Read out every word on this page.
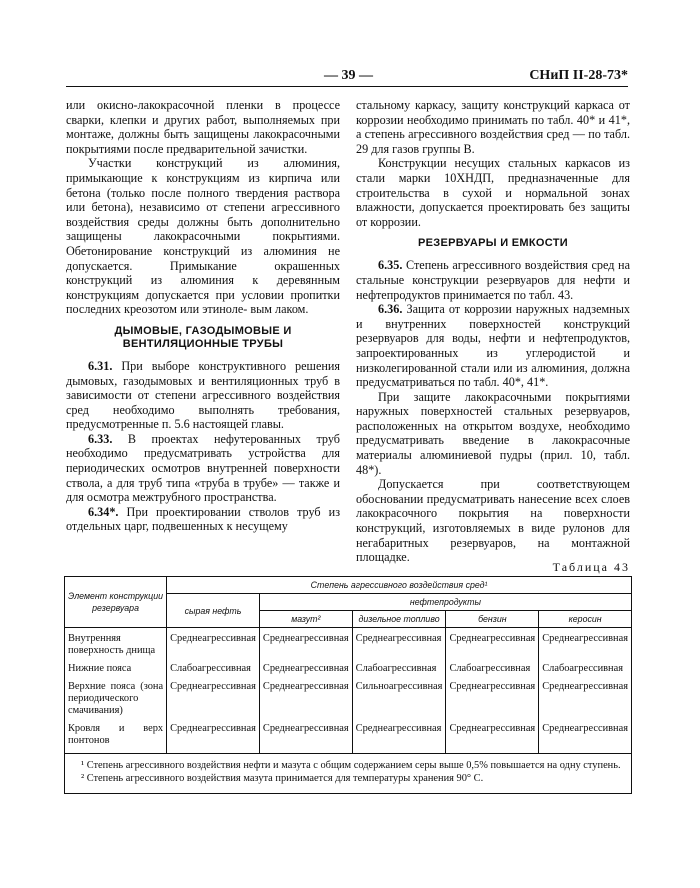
— 39 —	СНиП II-28-73*

или окисно-лакокрасочной пленки в процессе сварки, клепки и других работ, выполняемых при монтаже, должны быть защищены лакокрасочными покрытиями после предварительной зачистки.

Участки конструкций из алюминия, примыкающие к конструкциям из кирпича или бетона (только после полного твердения раствора или бетона), независимо от степени агрессивного воздействия среды должны быть дополнительно защищены лакокрасочными покрытиями. Обетонирование конструкций из алюминия не допускается. Примыкание окрашенных конструкций из алюминия к деревянным конструкциям допускается при условии пропитки последних креозотом или этиноле- вым лаком.

ДЫМОВЫЕ, ГАЗОДЫМОВЫЕ И ВЕНТИЛЯЦИОННЫЕ ТРУБЫ

6.31. При выборе конструктивного решения дымовых, газодымовых и вентиляционных труб в зависимости от степени агрессивного воздействия сред необходимо выполнять требования, предусмотренные п. 5.6 настоящей главы.

6.33. В проектах нефутерованных труб необходимо предусматривать устройства для периодических осмотров внутренней поверхности ствола, а для труб типа «труба в трубе» — также и для осмотра межтрубного пространства.

6.34*. При проектировании стволов труб из отдельных царг, подвешенных к несущему

стальному каркасу, защиту конструкций каркаса от коррозии необходимо принимать по табл. 40* и 41*, а степень агрессивного воздействия сред — по табл. 29 для газов группы В.

Конструкции несущих стальных каркасов из стали марки 10ХНДП, предназначенные для строительства в сухой и нормальной зонах влажности, допускается проектировать без защиты от коррозии.

РЕЗЕРВУАРЫ И ЕМКОСТИ

6.35. Степень агрессивного воздействия сред на стальные конструкции резервуаров для нефти и нефтепродуктов принимается по табл. 43.

6.36. Защита от коррозии наружных надземных и внутренних поверхностей конструкций резервуаров для воды, нефти и нефтепродуктов, запроектированных из углеродистой и низколегированной стали или из алюминия, должна предусматриваться по табл. 40*, 41*.

При защите лакокрасочными покрытиями наружных поверхностей стальных резервуаров, расположенных на открытом воздухе, необходимо предусматривать введение в лакокрасочные материалы алюминиевой пудры (прил. 10, табл. 48*).

Допускается при соответствующем обосновании предусматривать нанесение всех слоев лакокрасочного покрытия на поверхности конструкций, изготовляемых в виде рулонов для негабаритных резервуаров, на монтажной площадке.

Таблица 43
Элемент конструкции резервуара	Степень агрессивного воздействия сред¹				
	сырая нефть	нефтепродукты			
		мазут²	дизельное топливо	бензин	керосин
Внутренняя поверхность днища	Среднеагрессивная	Среднеагрессивная	Среднеагрессивная	Среднеагрессивная	Среднеагрессивная
Нижние пояса	Слабоагрессивная	Среднеагрессивная	Слабоагрессивная	Слабоагрессивная	Слабоагрессивная
Верхние пояса (зона периодического смачивания)	Среднеагрессивная	Среднеагрессивная	Сильноагрессивная	Среднеагрессивная	Среднеагрессивная
Кровля и верх понтонов	Среднеагрессивная	Среднеагрессивная	Среднеагрессивная	Среднеагрессивная	Среднеагрессивная

¹ Степень агрессивного воздействия нефти и мазута с общим содержанием серы выше 0,5% повышается на одну ступень.

² Степень агрессивного воздействия мазута принимается для температуры хранения 90° С.					
